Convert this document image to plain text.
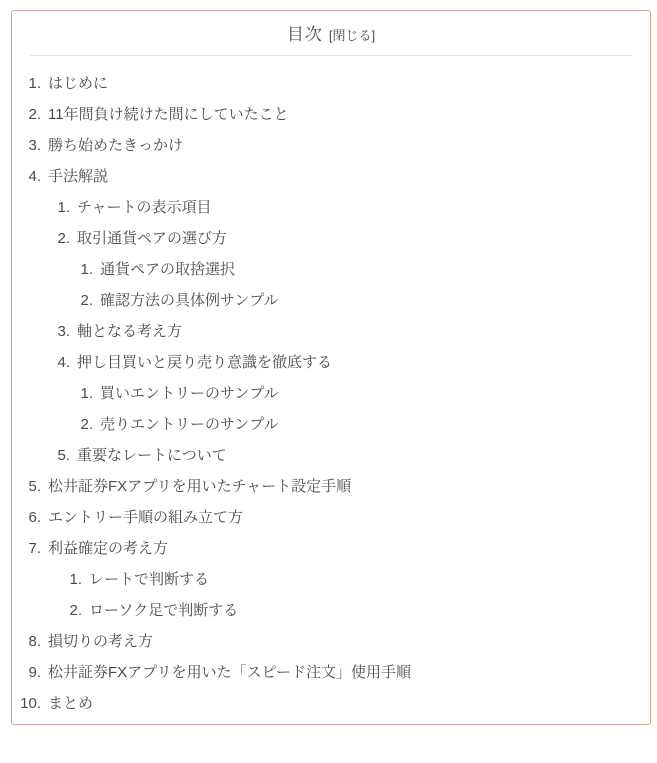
目次 [閉じる]
1. はじめに
2. 11年間負け続けた間にしていたこと
3. 勝ち始めたきっかけ
4. 手法解説
1. チャートの表示項目
2. 取引通貨ペアの選び方
1. 通貨ペアの取捨選択
2. 確認方法の具体例サンプル
3. 軸となる考え方
4. 押し目買いと戻り売り意識を徹底する
1. 買いエントリーのサンプル
2. 売りエントリーのサンプル
5. 重要なレートについて
5. 松井証券FXアプリを用いたチャート設定手順
6. エントリー手順の組み立て方
7. 利益確定の考え方
1. レートで判断する
2. ローソク足で判断する
8. 損切りの考え方
9. 松井証券FXアプリを用いた「スピード注文」使用手順
10. まとめ
